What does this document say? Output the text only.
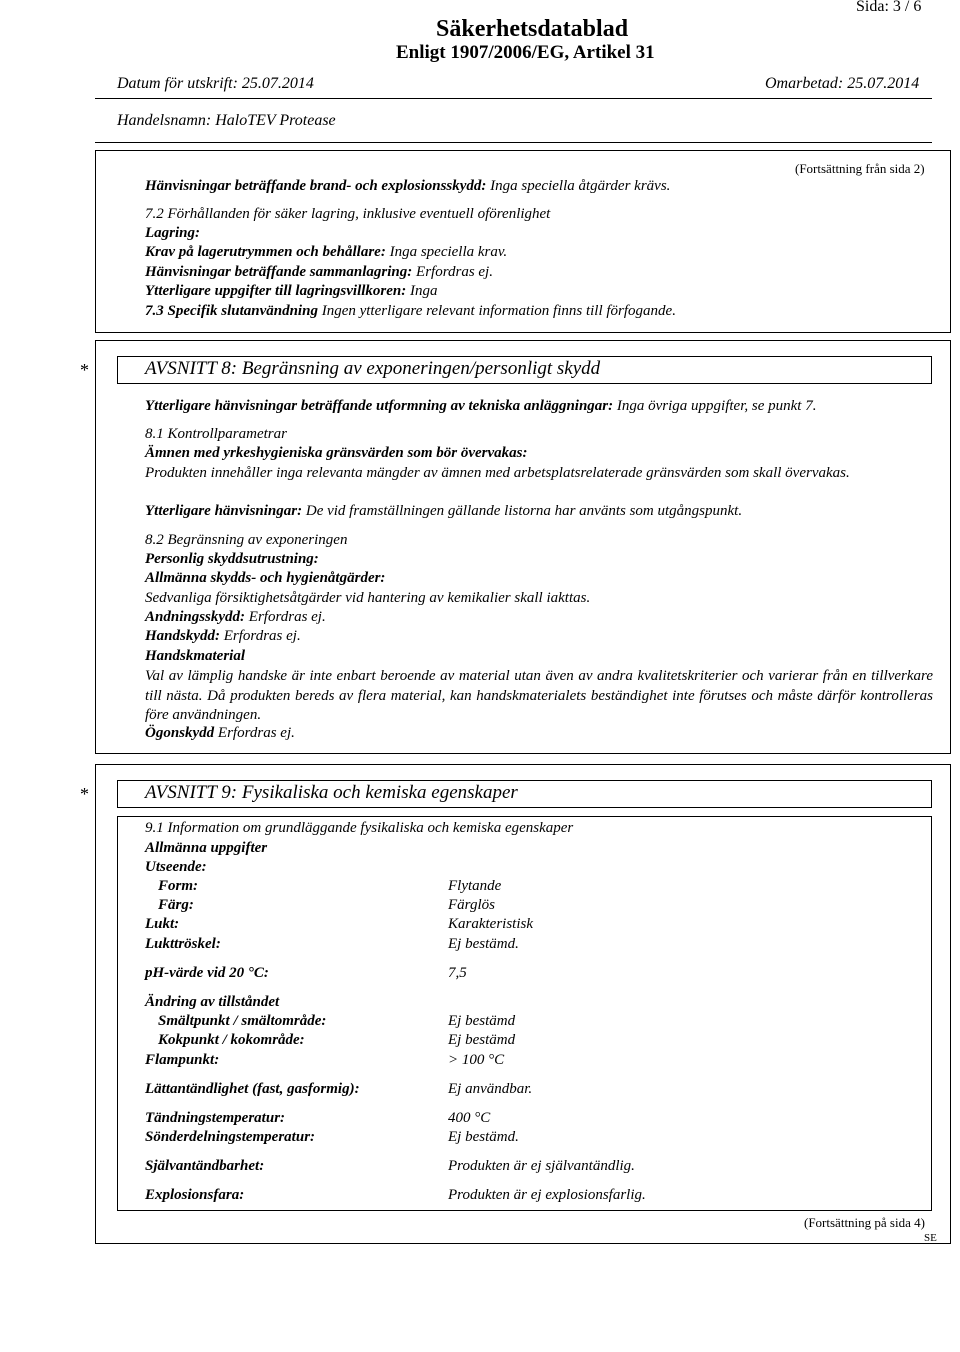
Säkerhetsdatablad
Sida: 3 / 6
Enligt 1907/2006/EG, Artikel 31
Datum för utskrift: 25.07.2014	Omarbetad: 25.07.2014
Handelsnamn: HaloTEV Protease
(Fortsättning från sida 2)
Hänvisningar beträffande brand- och explosionsskydd: Inga speciella åtgärder krävs.
7.2 Förhållanden för säker lagring, inklusive eventuell oförenlighet
Lagring:
Krav på lagerutrymmen och behållare: Inga speciella krav.
Hänvisningar beträffande sammanlagring: Erfordras ej.
Ytterligare uppgifter till lagringsvillkoren: Inga
7.3 Specifik slutanvändning Ingen ytterligare relevant information finns till förfogande.
*	AVSNITT 8: Begränsning av exponeringen/personligt skydd
Ytterligare hänvisningar beträffande utformning av tekniska anläggningar: Inga övriga uppgifter, se punkt 7.
8.1 Kontrollparametrar
Ämnen med yrkeshygieniska gränsvärden som bör övervakas:
Produkten innehåller inga relevanta mängder av ämnen med arbetsplatsrelaterade gränsvärden som skall övervakas.
Ytterligare hänvisningar: De vid framställningen gällande listorna har använts som utgångspunkt.
8.2 Begränsning av exponeringen
Personlig skyddsutrustning:
Allmänna skydds- och hygienåtgärder:
Sedvanliga försiktighetsåtgärder vid hantering av kemikalier skall iakttas.
Andningsskydd: Erfordras ej.
Handskydd: Erfordras ej.
Handskmaterial
Val av lämplig handske är inte enbart beroende av material utan även av andra kvalitetskriterier och varierar från en tillverkare till nästa. Då produkten bereds av flera material, kan handskmaterialets beständighet inte förutses och måste därför kontrolleras före användningen.
Ögonskydd Erfordras ej.
*	AVSNITT 9: Fysikaliska och kemiska egenskaper
9.1 Information om grundläggande fysikaliska och kemiska egenskaper
Allmänna uppgifter
Utseende:
Form:	Flytande
Färg:	Färglös
Lukt:	Karakteristisk
Lukttröskel:	Ej bestämd.
pH-värde vid 20 °C:	7,5
Ändring av tillståndet
Smältpunkt / smältområde:	Ej bestämd
Kokpunkt / kokområde:	Ej bestämd
Flampunkt:	> 100 °C
Lättantändlighet (fast, gasformig):	Ej användbar.
Tändningstemperatur:	400 °C
Sönderdelningstemperatur:	Ej bestämd.
Självantändbarhet:	Produkten är ej självantändlig.
Explosionsfara:	Produkten är ej explosionsfarlig.
(Fortsättning på sida 4)
SE
